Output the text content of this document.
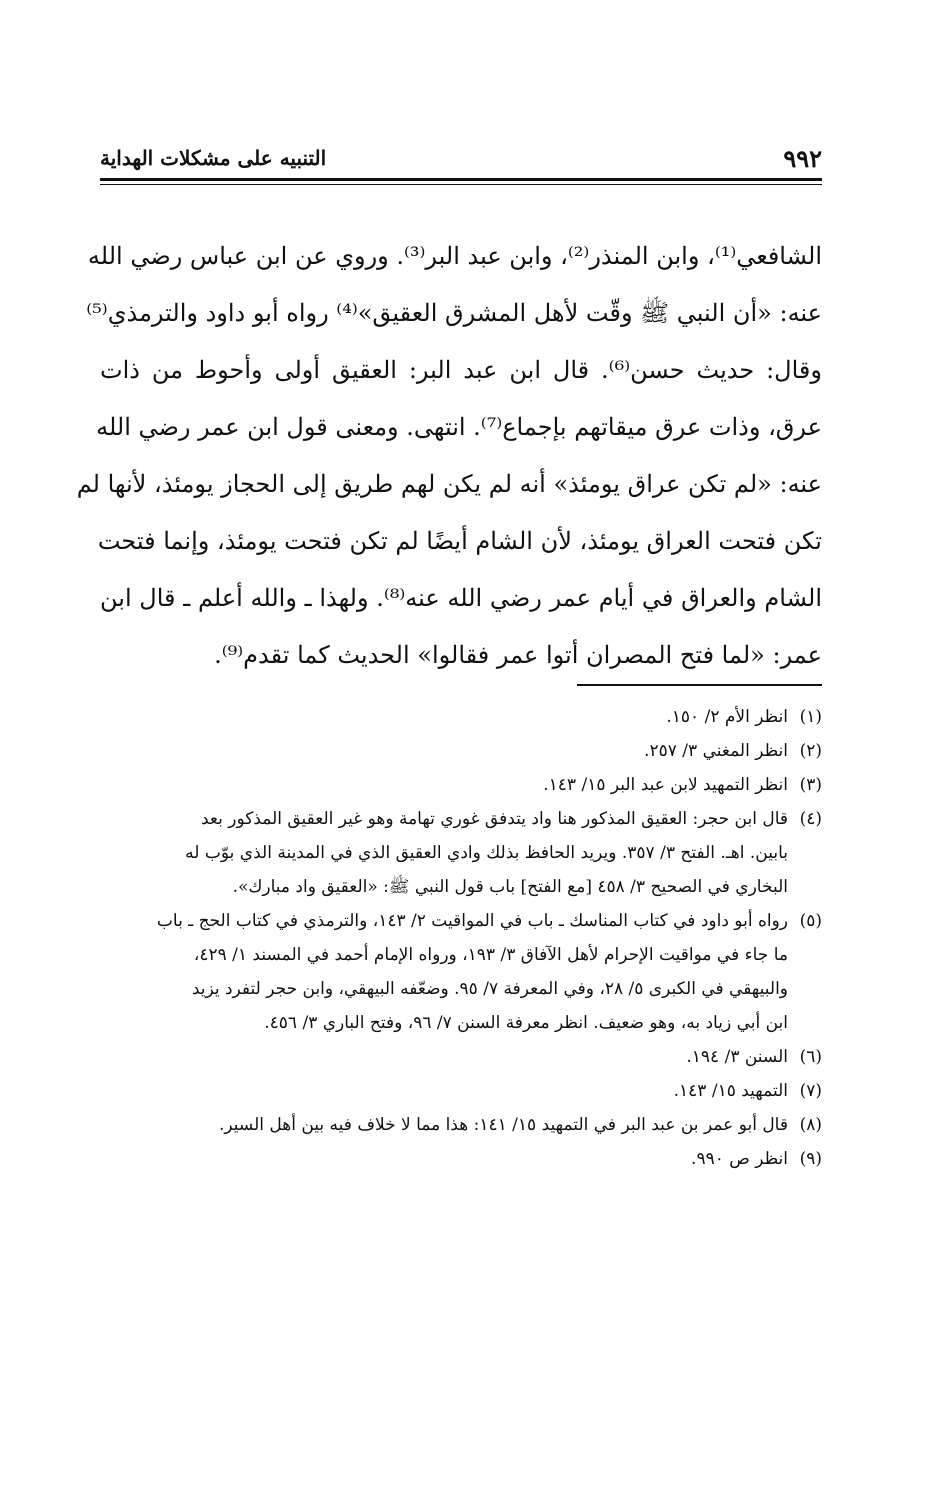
٩٩٢
التنبيه على مشكلات الهداية
الشافعي⁽¹⁾، وابن المنذر⁽²⁾، وابن عبد البر⁽³⁾. وروي عن ابن عباس رضي الله
عنه: «أن النبي ﷺ وقّت لأهل المشرق العقيق»⁽⁴⁾ رواه أبو داود والترمذي⁽⁵⁾
وقال: حديث حسن⁽⁶⁾. قال ابن عبد البر: العقيق أولى وأحوط من ذات
عرق، وذات عرق ميقاتهم بإجماع⁽⁷⁾. انتهى. ومعنى قول ابن عمر رضي الله
عنه: «لم تكن عراق يومئذ» أنه لم يكن لهم طريق إلى الحجاز يومئذ، لأنها لم
تكن فتحت العراق يومئذ، لأن الشام أيضًا لم تكن فتحت يومئذ، وإنما فتحت
الشام والعراق في أيام عمر رضي الله عنه⁽⁸⁾. ولهذا ـ والله أعلم ـ قال ابن
عمر: «لما فتح المصران أتوا عمر فقالوا» الحديث كما تقدم⁽⁹⁾.
(١)انظر الأم ٢/ ١٥٠.
(٢)انظر المغني ٣/ ٢٥٧.
(٣)انظر التمهيد لابن عبد البر ١٥/ ١٤٣.
(٤)قال ابن حجر: العقيق المذكور هنا واد يتدفق غوري تهامة وهو غير العقيق المذكور بعد
بابين. اهـ. الفتح ٣/ ٣٥٧. ويريد الحافظ بذلك وادي العقيق الذي في المدينة الذي بوّب له
البخاري في الصحيح ٣/ ٤٥٨ [مع الفتح] باب قول النبي ﷺ: «العقيق واد مبارك».
(٥)رواه أبو داود في كتاب المناسك ـ باب في المواقيت ٢/ ١٤٣، والترمذي في كتاب الحج ـ باب
ما جاء في مواقيت الإحرام لأهل الآفاق ٣/ ١٩٣، ورواه الإمام أحمد في المسند ١/ ٤٢٩،
والبيهقي في الكبرى ٥/ ٢٨، وفي المعرفة ٧/ ٩٥. وضعّفه البيهقي، وابن حجر لتفرد يزيد
ابن أبي زياد به، وهو ضعيف. انظر معرفة السنن ٧/ ٩٦، وفتح الباري ٣/ ٤٥٦.
(٦)السنن ٣/ ١٩٤.
(٧)التمهيد ١٥/ ١٤٣.
(٨)قال أبو عمر بن عبد البر في التمهيد ١٥/ ١٤١: هذا مما لا خلاف فيه بين أهل السير.
(٩)انظر ص ٩٩٠.
